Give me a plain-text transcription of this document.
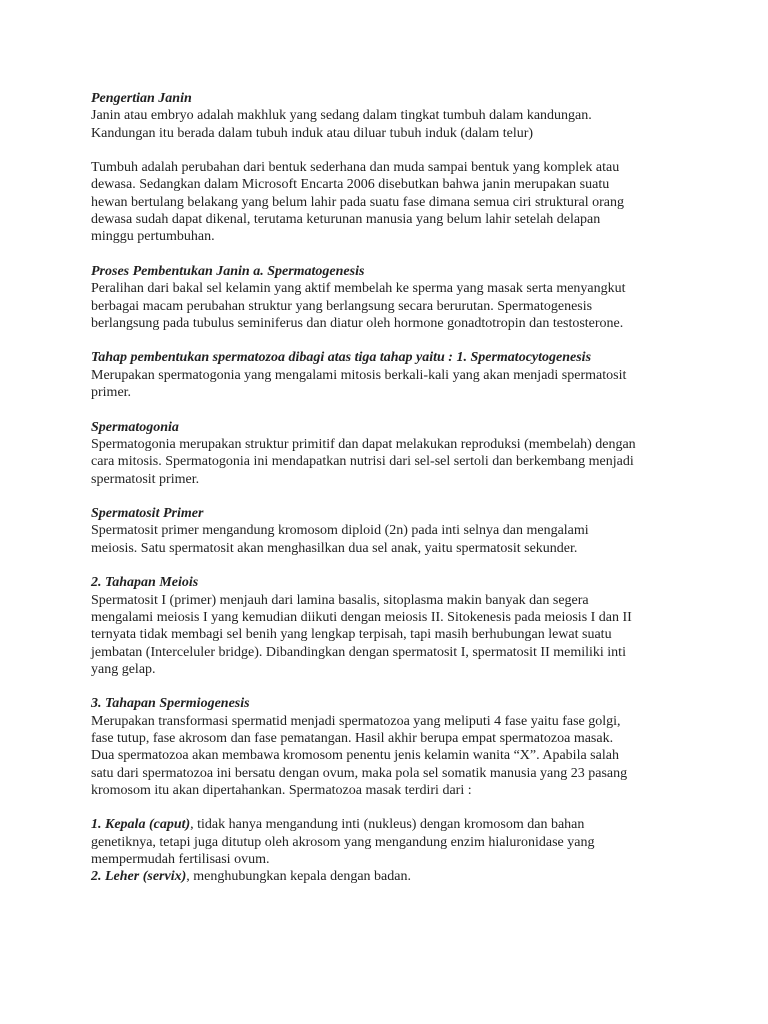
Pengertian Janin
Janin atau embryo adalah makhluk yang sedang dalam tingkat tumbuh dalam kandungan.
Kandungan itu berada dalam tubuh induk atau diluar tubuh induk (dalam telur)
Tumbuh adalah perubahan dari bentuk sederhana dan muda sampai bentuk yang komplek atau
dewasa. Sedangkan dalam Microsoft Encarta 2006 disebutkan bahwa janin merupakan suatu
hewan bertulang belakang yang belum lahir pada suatu fase dimana semua ciri struktural orang
dewasa sudah dapat dikenal, terutama keturunan manusia yang belum lahir setelah delapan
minggu pertumbuhan.
Proses Pembentukan Janin a. Spermatogenesis
Peralihan dari bakal sel kelamin yang aktif membelah ke sperma yang masak serta menyangkut
berbagai macam perubahan struktur yang berlangsung secara berurutan. Spermatogenesis
berlangsung pada tubulus seminiferus dan diatur oleh hormone gonadtotropin dan testosterone.
Tahap pembentukan spermatozoa dibagi atas tiga tahap yaitu : 1. Spermatocytogenesis
Merupakan spermatogonia yang mengalami mitosis berkali-kali yang akan menjadi spermatosit
primer.
Spermatogonia
Spermatogonia merupakan struktur primitif dan dapat melakukan reproduksi (membelah) dengan
cara mitosis. Spermatogonia ini mendapatkan nutrisi dari sel-sel sertoli dan berkembang menjadi
spermatosit primer.
Spermatosit Primer
Spermatosit primer mengandung kromosom diploid (2n) pada inti selnya dan mengalami
meiosis. Satu spermatosit akan menghasilkan dua sel anak, yaitu spermatosit sekunder.
2. Tahapan Meiois
Spermatosit I (primer) menjauh dari lamina basalis, sitoplasma makin banyak dan segera
mengalami meiosis I yang kemudian diikuti dengan meiosis II. Sitokenesis pada meiosis I dan II
ternyata tidak membagi sel benih yang lengkap terpisah, tapi masih berhubungan lewat suatu
jembatan (Interceluler bridge). Dibandingkan dengan spermatosit I, spermatosit II memiliki inti
yang gelap.
3. Tahapan Spermiogenesis
Merupakan transformasi spermatid menjadi spermatozoa yang meliputi 4 fase yaitu fase golgi,
fase tutup, fase akrosom dan fase pematangan. Hasil akhir berupa empat spermatozoa masak.
Dua spermatozoa akan membawa kromosom penentu jenis kelamin wanita “X”. Apabila salah
satu dari spermatozoa ini bersatu dengan ovum, maka pola sel somatik manusia yang 23 pasang
kromosom itu akan dipertahankan. Spermatozoa masak terdiri dari :
1. Kepala (caput), tidak hanya mengandung inti (nukleus) dengan kromosom dan bahan
genetiknya, tetapi juga ditutup oleh akrosom yang mengandung enzim hialuronidase yang
mempermudah fertilisasi ovum.
2. Leher (servix), menghubungkan kepala dengan badan.
